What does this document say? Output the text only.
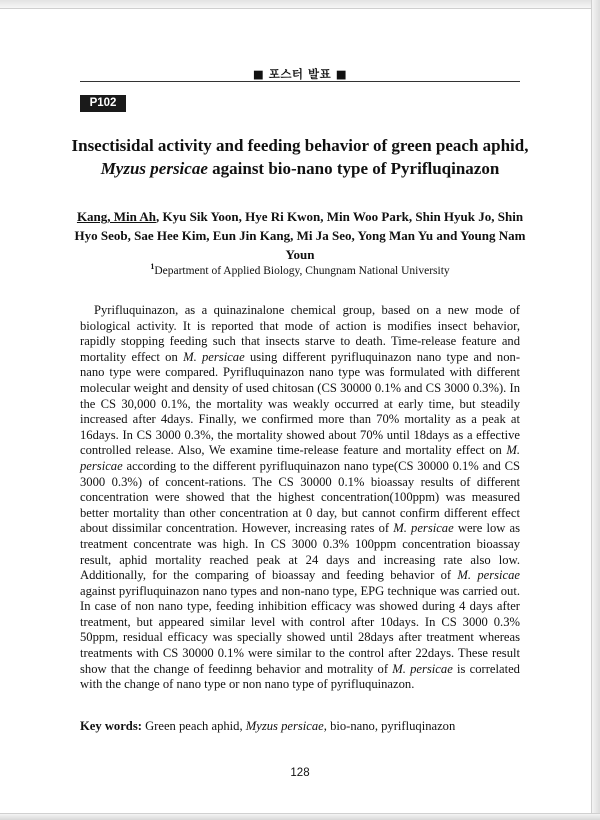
■ 포스터 발표 ■
P102
Insectisidal activity and feeding behavior of green peach aphid,
Myzus persicae against bio-nano type of Pyrifluqinazon
Kang, Min Ah, Kyu Sik Yoon, Hye Ri Kwon, Min Woo Park, Shin Hyuk Jo, Shin Hyo Seob, Sae Hee Kim, Eun Jin Kang, Mi Ja Seo, Yong Man Yu and Young Nam Youn
$^1$Department of Applied Biology, Chungnam National University

Pyrifluquinazon, as a quinazinalone chemical group, based on a new mode of biological activity. It is reported that mode of action is modifies insect behavior, rapidly stopping feeding such that insects starve to death. Time-release feature and mortality effect on M. persicae using different pyrifluquinazon nano type and non-nano type were compared. Pyrifluquinazon nano type was formulated with different molecular weight and density of used chitosan (CS 30000 0.1% and CS 3000 0.3%). In the CS 30,000 0.1%, the mortality was weakly occurred at early time, but steadily increased after 4days. Finally, we confirmed more than 70% mortality as a peak at 16days. In CS 3000 0.3%, the mortality showed about 70% until 18days as a effective controlled release. Also, We examine time-release feature and mortality effect on M. persicae according to the different pyrifluquinazon nano type(CS 30000 0.1% and CS 3000 0.3%) of concent-rations. The CS 30000 0.1% bioassay results of different concentration were showed that the highest concentration(100ppm) was measured better mortality than other concentration at 0 day, but cannot confirm different effect about dissimilar concentration. However, increasing rates of M. persicae were low as treatment concentrate was high. In CS 3000 0.3% 100ppm concentration bioassay result, aphid mortality reached peak at 24 days and increasing rate also low. Additionally, for the comparing of bioassay and feeding behavior of M. persicae against pyrifluquinazon nano types and non-nano type, EPG technique was carried out. In case of non nano type, feeding inhibition efficacy was showed during 4 days after treatment, but appeared similar level with control after 10days. In CS 3000 0.3% 50ppm, residual efficacy was specially showed until 28days after treatment whereas treatments with CS 30000 0.1% were similar to the control after 22days. These result show that the change of feedinng behavior and motrality of M. persicae is correlated with the change of nano type or non nano type of pyrifluquinazon.

Key words: Green peach aphid, Myzus persicae, bio-nano, pyrifluqinazon
128
